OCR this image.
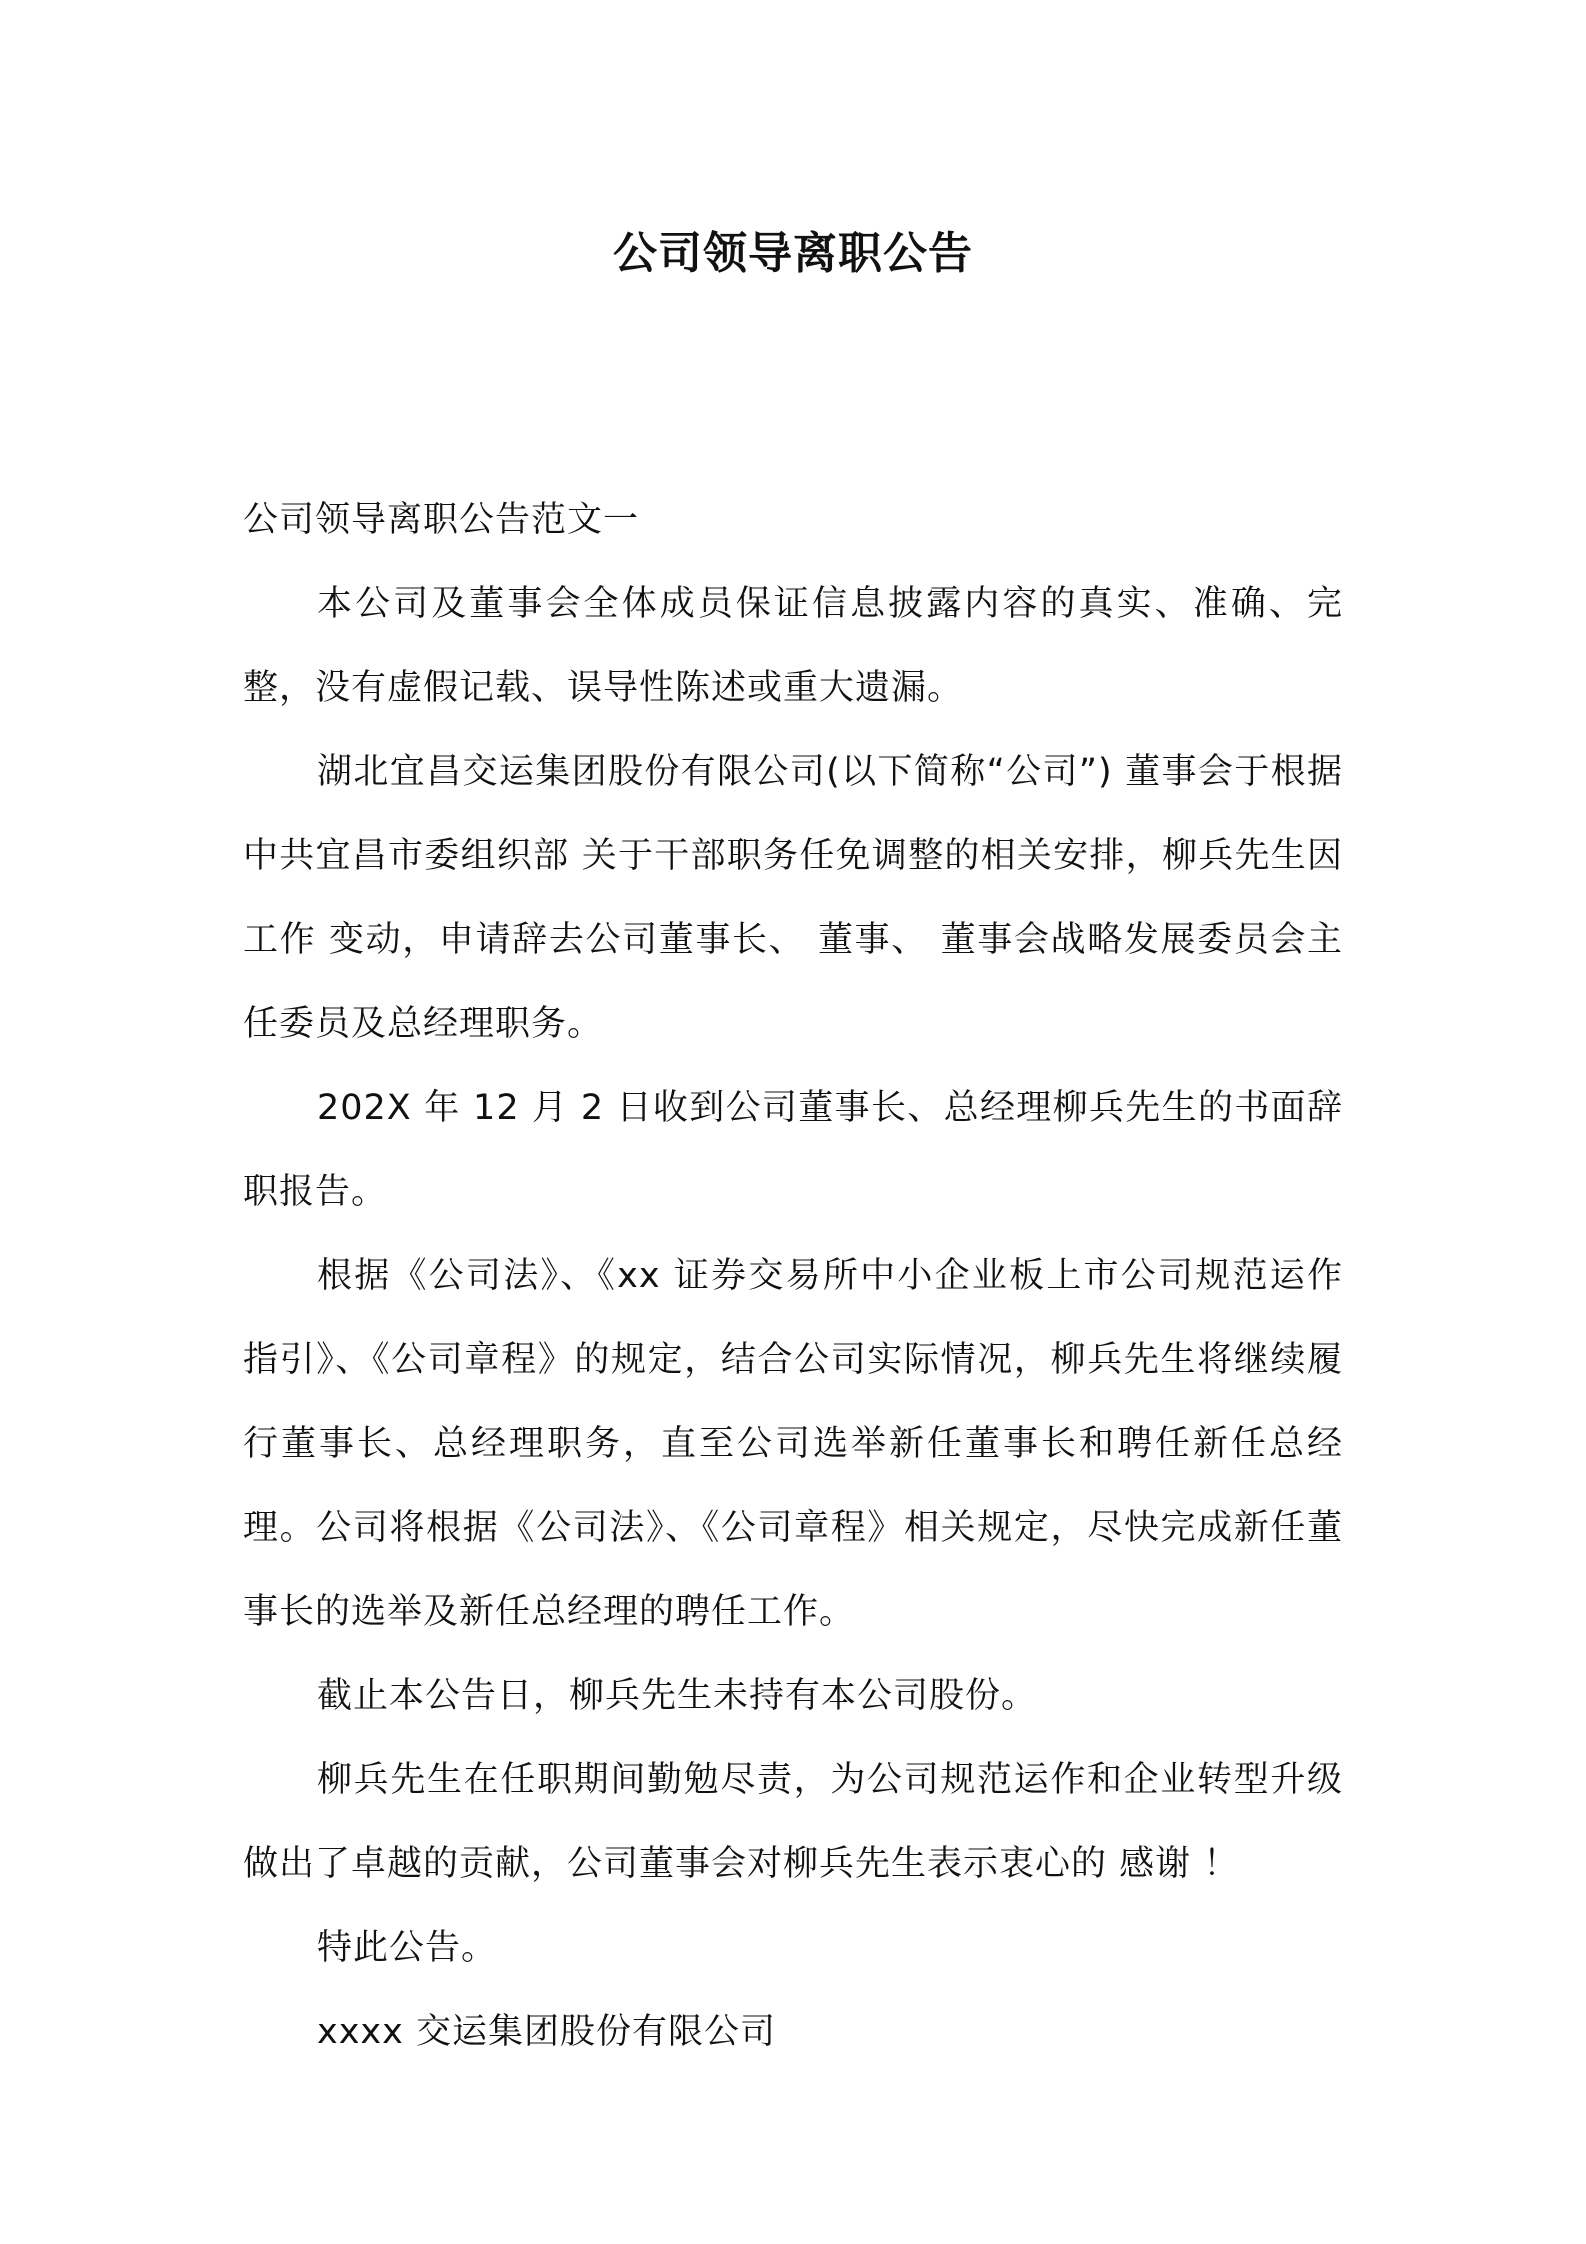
公司领导离职公告

公司领导离职公告范文一

本公司及董事会全体成员保证信息披露内容的真实、准确、完整，没有虚假记载、误导性陈述或重大遗漏。

湖北宜昌交运集团股份有限公司(以下简称“公司”) 董事会于根据 中共宜昌市委组织部 关于干部职务任免调整的相关安排，柳兵先生因工作 变动，申请辞去公司董事长、 董事、 董事会战略发展委员会主任委员及总经理职务。

202X 年 12 月 2 日收到公司董事长、总经理柳兵先生的书面辞职报告。

根据《公司法》、《xx 证券交易所中小企业板上市公司规范运作指引》、《公司章程》的规定，结合公司实际情况，柳兵先生将继续履行董事长、总经理职务，直至公司选举新任董事长和聘任新任总经理。公司将根据《公司法》、《公司章程》相关规定，尽快完成新任董事长的选举及新任总经理的聘任工作。

截止本公告日，柳兵先生未持有本公司股份。

柳兵先生在任职期间勤勉尽责，为公司规范运作和企业转型升级做出了卓越的贡献，公司董事会对柳兵先生表示衷心的 感谢 ！

特此公告。

xxxx 交运集团股份有限公司
